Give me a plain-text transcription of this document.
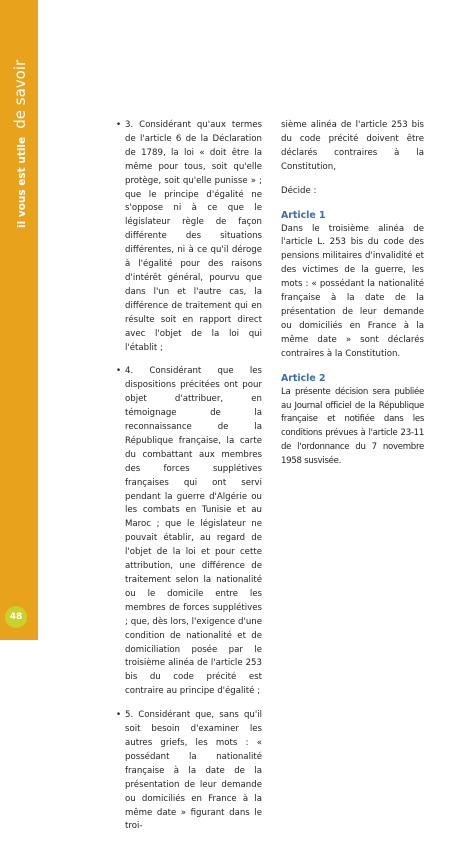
il vous est utile de savoir
48
• 3. Considérant qu'aux termes de l'article 6 de la Déclaration de 1789, la loi « doit être la même pour tous, soit qu'elle protège, soit qu'elle punisse » ; que le principe d'égalité ne s'oppose ni à ce que le législateur règle de façon différente des situations différentes, ni à ce qu'il déroge à l'égalité pour des raisons d'intérêt général, pourvu que dans l'un et l'autre cas, la différence de traitement qui en résulte soit en rapport direct avec l'objet de la loi qui l'établit ;
• 4. Considérant que les dispositions précitées ont pour objet d'attribuer, en témoignage de la reconnaissance de la République française, la carte du combattant aux membres des forces supplétives françaises qui ont servi pendant la guerre d'Algérie ou les combats en Tunisie et au Maroc ; que le législateur ne pouvait établir, au regard de l'objet de la loi et pour cette attribution, une différence de traitement selon la nationalité ou le domicile entre les membres de forces supplétives ; que, dès lors, l'exigence d'une condition de nationalité et de domiciliation posée par le troisième alinéa de l'article 253 bis du code précité est contraire au principe d'égalité ;
• 5. Considérant que, sans qu'il soit besoin d'examiner les autres griefs, les mots : « possédant la nationalité française à la date de la présentation de leur demande ou domiciliés en France à la même date » figurant dans le troi-

sième alinéa de l'article 253 bis du code précité doivent être déclarés contraires à la Constitution,

Décide :

Article 1

Dans le troisième alinéa de l'article L. 253 bis du code des pensions militaires d'invalidité et des victimes de la guerre, les mots : « possédant la nationalité française à la date de la présentation de leur demande ou domiciliés en France à la même date » sont déclarés contraires à la Constitution.

Article 2

La présente décision sera publiée au Journal officiel de la République française et notifiée dans les conditions prévues à l'article 23-11 de l'ordonnance du 7 novembre 1958 susvisée.
